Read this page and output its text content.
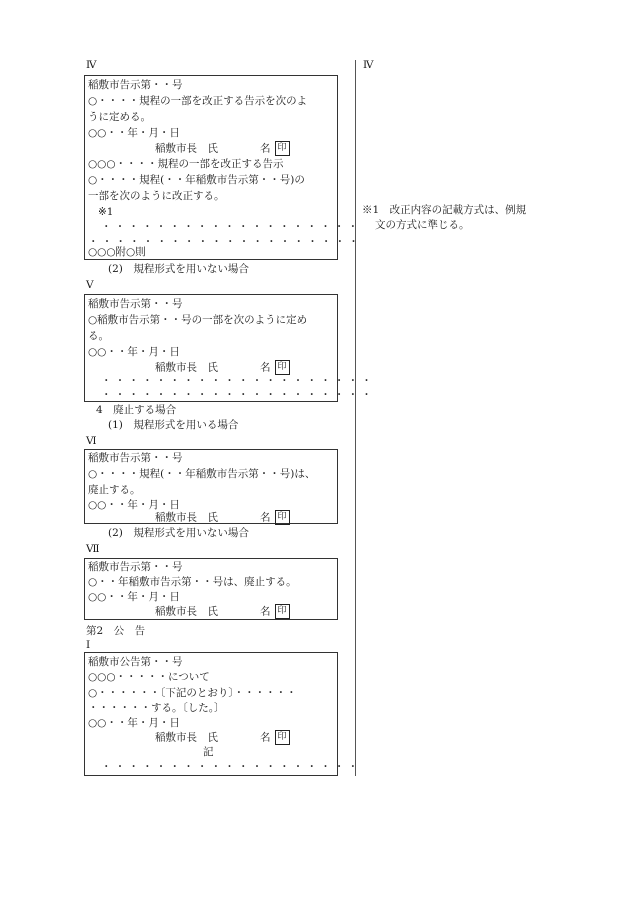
Ⅳ
稲敷市告示第・・号
○・・・・規程の一部を改正する告示を次のよ
うに定める。
○○・・年・月・日
稲敷市長　氏　　　　名 印
○○○・・・・規程の一部を改正する告示
○・・・・規程(・・年稲敷市告示第・・号)の
一部を次のように改正する。
※1
・・・・・・・・・・・・・・・・・・・
・・・・・・・・・・・・・・・・・・・・
○○○附○則
(2)　規程形式を用いない場合
Ⅴ
稲敷市告示第・・号
○稲敷市告示第・・号の一部を次のように定め
る。
○○・・年・月・日
稲敷市長　氏　　　　名 印
・・・・・・・・・・・・・・・・・・・・
・・・・・・・・・・・・・・・・・・・・
4　廃止する場合
(1)　規程形式を用いる場合
Ⅵ
稲敷市告示第・・号
○・・・・規程(・・年稲敷市告示第・・号)は、
廃止する。
○○・・年・月・日
稲敷市長　氏　　　　名 印
(2)　規程形式を用いない場合
Ⅶ
稲敷市告示第・・号
○・・年稲敷市告示第・・号は、廃止する。
○○・・年・月・日
稲敷市長　氏　　　　名 印
第2　公　告
Ⅰ
稲敷市公告第・・号
○○○・・・・・について
○・・・・・・〔下記のとおり〕・・・・・・
・・・・・・する。〔した。〕
○○・・年・月・日
稲敷市長　氏　　　　名 印
記
・・・・・・・・・・・・・・・・・・・
Ⅳ
※1　改正内容の記載方式は、例規
文の方式に準じる。
